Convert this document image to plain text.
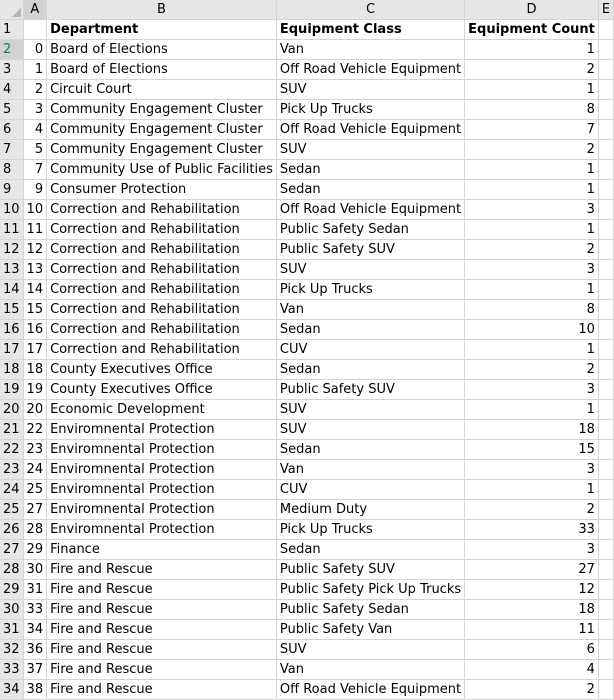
	A	B	C	D	E
1		Department	Equipment Class	Equipment Count	
2	0	Board of Elections	Van	1	
3	1	Board of Elections	Off Road Vehicle Equipment	2	
4	2	Circuit Court	SUV	1	
5	3	Community Engagement Cluster	Pick Up Trucks	8	
6	4	Community Engagement Cluster	Off Road Vehicle Equipment	7	
7	5	Community Engagement Cluster	SUV	2	
8	7	Community Use of Public Facilities	Sedan	1	
9	9	Consumer Protection	Sedan	1	
10	10	Correction and Rehabilitation	Off Road Vehicle Equipment	3	
11	11	Correction and Rehabilitation	Public Safety Sedan	1	
12	12	Correction and Rehabilitation	Public Safety SUV	2	
13	13	Correction and Rehabilitation	SUV	3	
14	14	Correction and Rehabilitation	Pick Up Trucks	1	
15	15	Correction and Rehabilitation	Van	8	
16	16	Correction and Rehabilitation	Sedan	10	
17	17	Correction and Rehabilitation	CUV	1	
18	18	County Executives Office	Sedan	2	
19	19	County Executives Office	Public Safety SUV	3	
20	20	Economic Development	SUV	1	
21	22	Enviromnental Protection	SUV	18	
22	23	Enviromnental Protection	Sedan	15	
23	24	Enviromnental Protection	Van	3	
24	25	Enviromnental Protection	CUV	1	
25	27	Enviromnental Protection	Medium Duty	2	
26	28	Enviromnental Protection	Pick Up Trucks	33	
27	29	Finance	Sedan	3	
28	30	Fire and Rescue	Public Safety SUV	27	
29	31	Fire and Rescue	Public Safety Pick Up Trucks	12	
30	33	Fire and Rescue	Public Safety Sedan	18	
31	34	Fire and Rescue	Public Safety Van	11	
32	36	Fire and Rescue	SUV	6	
33	37	Fire and Rescue	Van	4	
34	38	Fire and Rescue	Off Road Vehicle Equipment	2	
